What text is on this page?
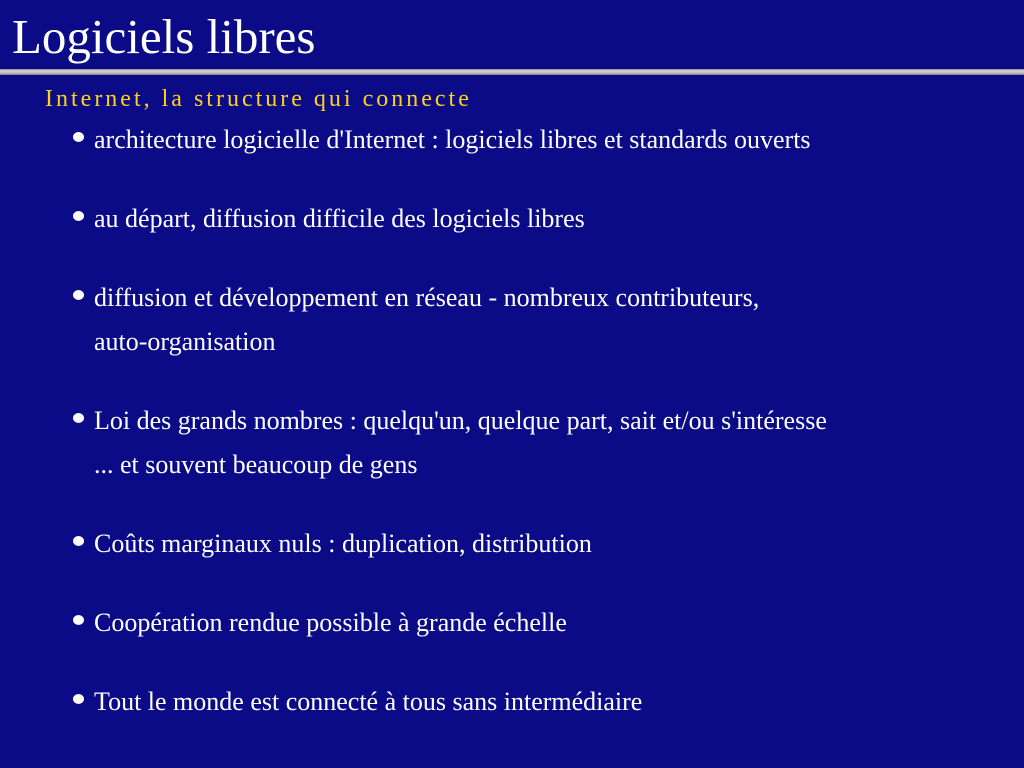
Logiciels libres
Internet, la structure qui connecte
architecture logicielle d'Internet : logiciels libres et standards ouverts
au départ, diffusion difficile des logiciels libres
diffusion et développement en réseau - nombreux contributeurs,
auto-organisation
Loi des grands nombres : quelqu'un, quelque part, sait et/ou s'intéresse
... et souvent beaucoup de gens
Coûts marginaux nuls : duplication, distribution
Coopération rendue possible à grande échelle
Tout le monde est connecté à tous sans intermédiaire
